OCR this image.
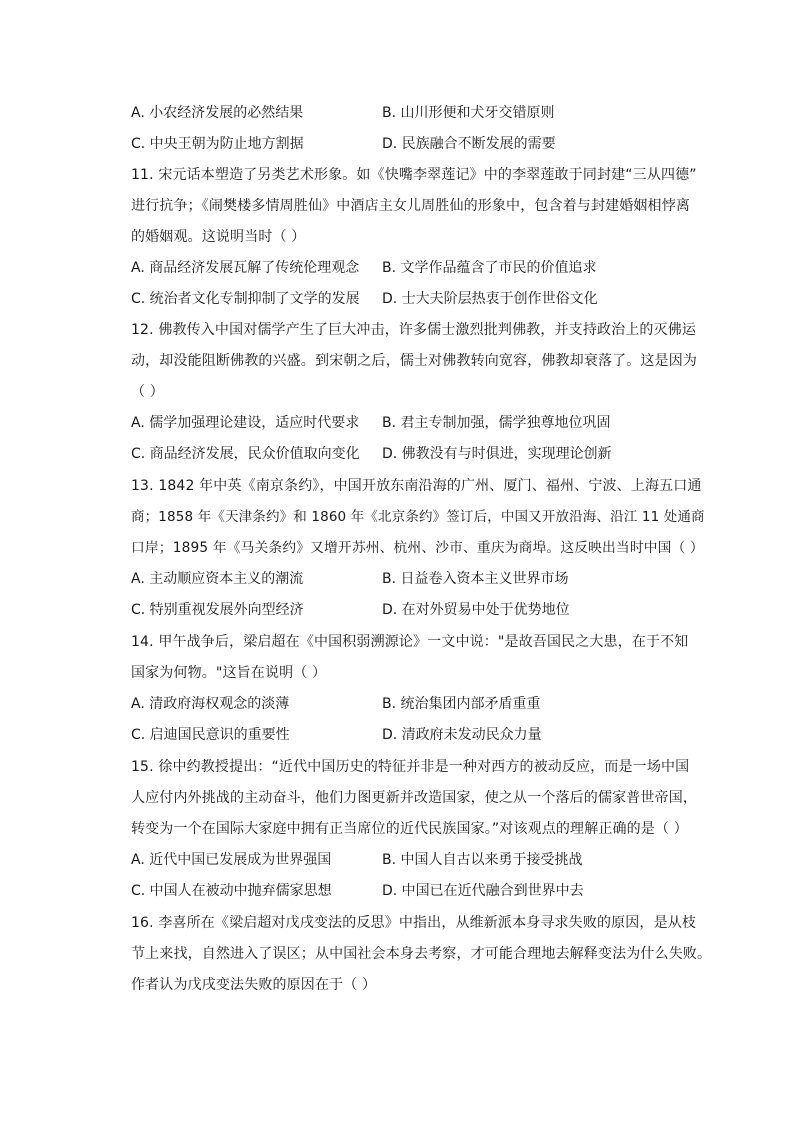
A. 小农经济发展的必然结果	B. 山川形便和犬牙交错原则
C. 中央王朝为防止地方割据	D. 民族融合不断发展的需要
11. 宋元话本塑造了另类艺术形象。如《快嘴李翠莲记》中的李翠莲敢于同封建“三从四德”
进行抗争；《闹樊楼多情周胜仙》中酒店主女儿周胜仙的形象中，包含着与封建婚姻相悖离
的婚姻观。这说明当时（ ）
A. 商品经济发展瓦解了传统伦理观念 B. 文学作品蕴含了市民的价值追求
C. 统治者文化专制抑制了文学的发展 D. 士大夫阶层热衷于创作世俗文化
12. 佛教传入中国对儒学产生了巨大冲击，许多儒士激烈批判佛教，并支持政治上的灭佛运
动，却没能阻断佛教的兴盛。到宋朝之后，儒士对佛教转向宽容，佛教却衰落了。这是因为
（ ）
A. 儒学加强理论建设，适应时代要求 B. 君主专制加强，儒学独尊地位巩固
C. 商品经济发展，民众价值取向变化 D. 佛教没有与时俱进，实现理论创新
13. 1842 年中英《南京条约》，中国开放东南沿海的广州、厦门、福州、宁波、上海五口通
商；1858 年《天津条约》和 1860 年《北京条约》签订后，中国又开放沿海、沿江 11 处通商
口岸；1895 年《马关条约》又增开苏州、杭州、沙市、重庆为商埠。这反映出当时中国（ ）
A. 主动顺应资本主义的潮流	B. 日益卷入资本主义世界市场
C. 特别重视发展外向型经济	D. 在对外贸易中处于优势地位
14. 甲午战争后，梁启超在《中国积弱溯源论》一文中说："是故吾国民之大患，在于不知
国家为何物。"这旨在说明（ ）
A. 清政府海权观念的淡薄	B. 统治集团内部矛盾重重
C. 启迪国民意识的重要性	D. 清政府未发动民众力量
15. 徐中约教授提出：“近代中国历史的特征并非是一种对西方的被动反应，而是一场中国
人应付内外挑战的主动奋斗，他们力图更新并改造国家，使之从一个落后的儒家普世帝国，
转变为一个在国际大家庭中拥有正当席位的近代民族国家。”对该观点的理解正确的是（ ）
A. 近代中国已发展成为世界强国	B. 中国人自古以来勇于接受挑战
C. 中国人在被动中抛弃儒家思想	D. 中国已在近代融合到世界中去
16. 李喜所在《梁启超对戊戌变法的反思》中指出，从维新派本身寻求失败的原因，是从枝
节上来找，自然进入了误区；从中国社会本身去考察，才可能合理地去解释变法为什么失败。
作者认为戊戌变法失败的原因在于（ ）
